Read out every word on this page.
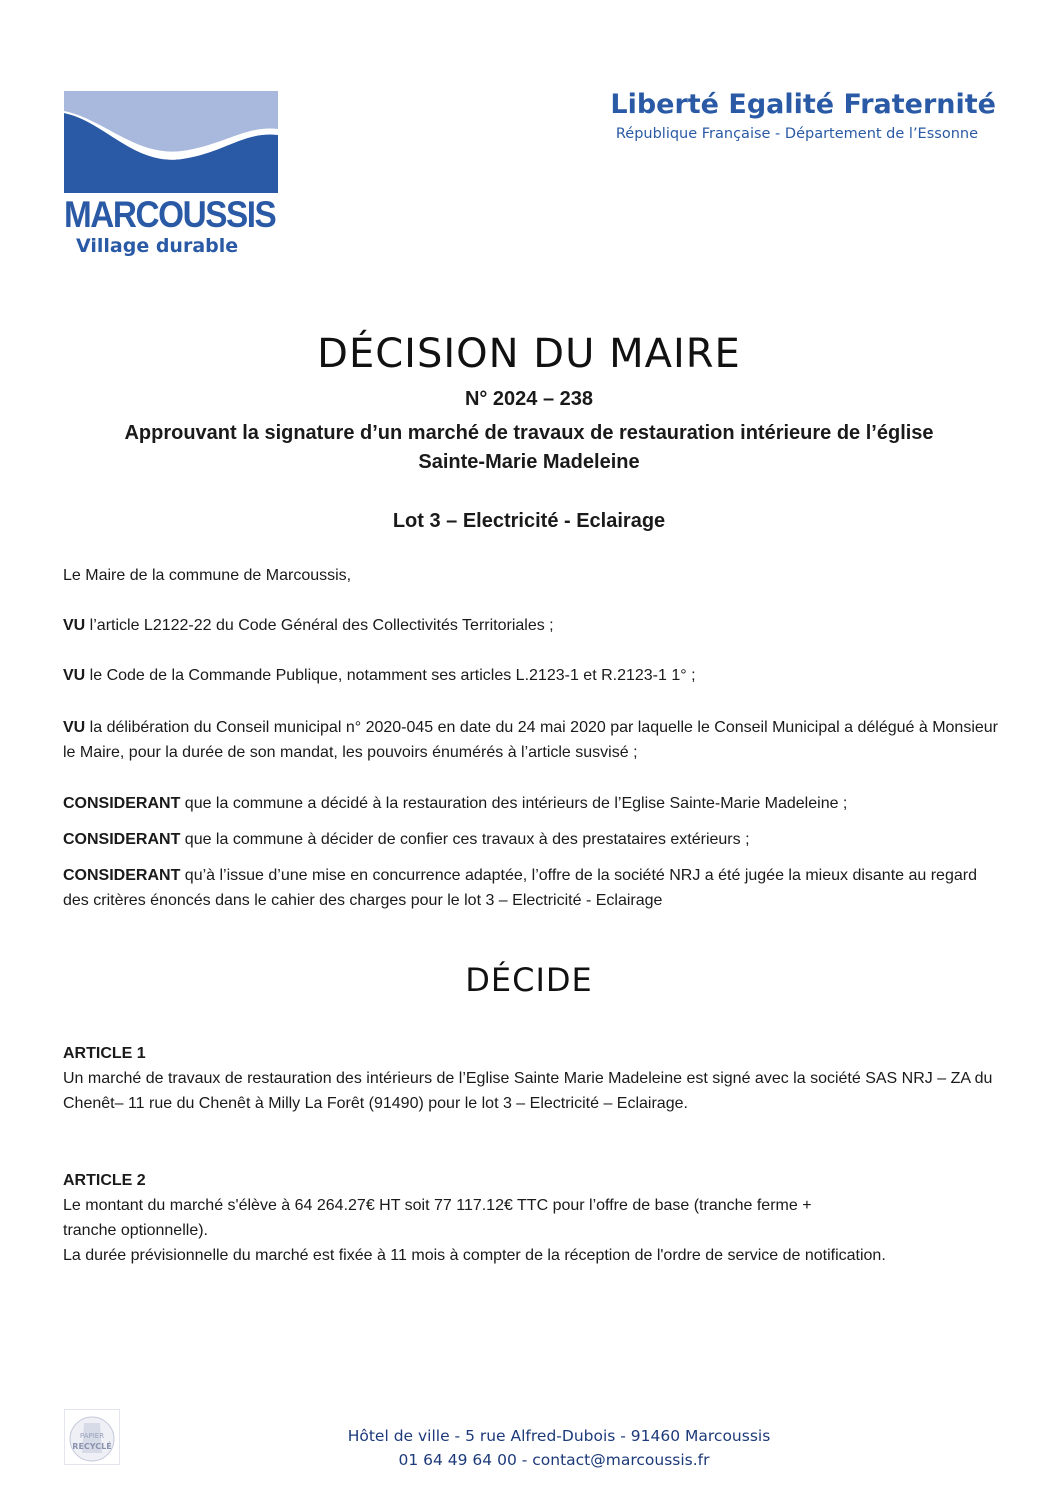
MARCOUSSIS
Village durable
Liberté Egalité Fraternité
République Française - Département de l’Essonne
DÉCISION DU MAIRE
N° 2024 – 238
Approuvant la signature d’un marché de travaux de restauration intérieure de l’église
Sainte-Marie Madeleine
Lot 3 – Electricité - Eclairage
Le Maire de la commune de Marcoussis,
VU l’article L2122-22 du Code Général des Collectivités Territoriales ;
VU le Code de la Commande Publique, notamment ses articles L.2123-1 et R.2123-1 1° ;
VU la délibération du Conseil municipal n° 2020-045 en date du 24 mai 2020 par laquelle le Conseil Municipal a délégué à Monsieur le Maire, pour la durée de son mandat, les pouvoirs énumérés à l’article susvisé ;
CONSIDERANT que la commune a décidé à la restauration des intérieurs de l’Eglise Sainte-Marie Madeleine ;
CONSIDERANT que la commune à décider de confier ces travaux à des prestataires extérieurs ;
CONSIDERANT qu’à l’issue d’une mise en concurrence adaptée, l’offre de la société NRJ a été jugée la mieux disante au regard des critères énoncés dans le cahier des charges pour le lot 3 – Electricité - Eclairage
DÉCIDE
ARTICLE 1
Un marché de travaux de restauration des intérieurs de l’Eglise Sainte Marie Madeleine est signé avec la société SAS NRJ – ZA du Chenêt– 11 rue du Chenêt à Milly La Forêt (91490) pour le lot 3 – Electricité – Eclairage.
ARTICLE 2
Le montant du marché s'élève à 64 264.27€ HT soit 77 117.12€ TTC pour l’offre de base (tranche ferme +
tranche optionnelle).
La durée prévisionnelle du marché est fixée à 11 mois à compter de la réception de l'ordre de service de notification.
PAPIER
RECYCLÉ
Hôtel de ville - 5 rue Alfred-Dubois - 91460 Marcoussis
01 64 49 64 00 - contact@marcoussis.fr
